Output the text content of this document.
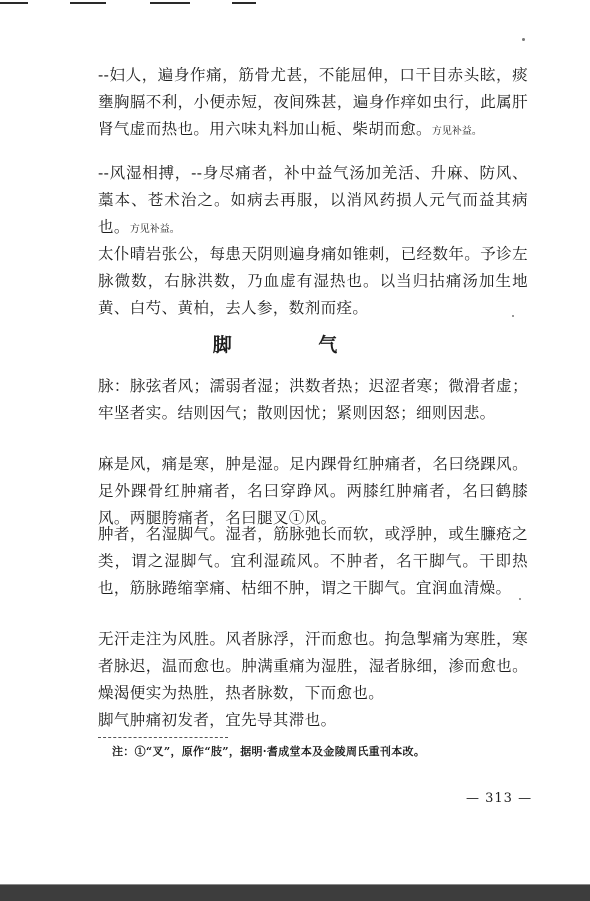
--妇人，遍身作痛，筋骨尤甚，不能屈伸，口干目赤头眩，痰壅胸膈不利，小便赤短，夜间殊甚，遍身作痒如虫行，此属肝肾气虚而热也。用六味丸料加山栀、柴胡而愈。方见补益。

--风湿相搏，--身尽痛者，补中益气汤加羌活、升麻、防风、藁本、苍术治之。如病去再服，以消风药损人元气而益其病也。方见补益。

太仆晴岩张公，每患天阴则遍身痛如锥刺，已经数年。予诊左脉微数，右脉洪数，乃血虚有湿热也。以当归拈痛汤加生地黄、白芍、黄柏，去人参，数剂而痊。

脚 气

脉：脉弦者风；濡弱者湿；洪数者热；迟涩者寒；微滑者虚；牢坚者实。结则因气；散则因忧；紧则因怒；细则因悲。

麻是风，痛是寒，肿是湿。足内踝骨红肿痛者，名曰绕踝风。足外踝骨红肿痛者，名曰穿踭风。两膝红肿痛者，名曰鹤膝风。两腿胯痛者，名曰腿叉①风。

肿者，名湿脚气。湿者，筋脉弛长而软，或浮肿，或生臁疮之类，谓之湿脚气。宜利湿疏风。不肿者，名干脚气。干即热也，筋脉踡缩挛痛、枯细不肿，谓之干脚气。宜润血清燥。

无汗走注为风胜。风者脉浮，汗而愈也。拘急掣痛为寒胜，寒者脉迟，温而愈也。肿满重痛为湿胜，湿者脉细，渗而愈也。燥渴便实为热胜，热者脉数，下而愈也。

脚气肿痛初发者，宜先导其滞也。

注：①“叉”，原作“肢”，据明·耆成堂本及金陵周氏重刊本改。

— 313 —
